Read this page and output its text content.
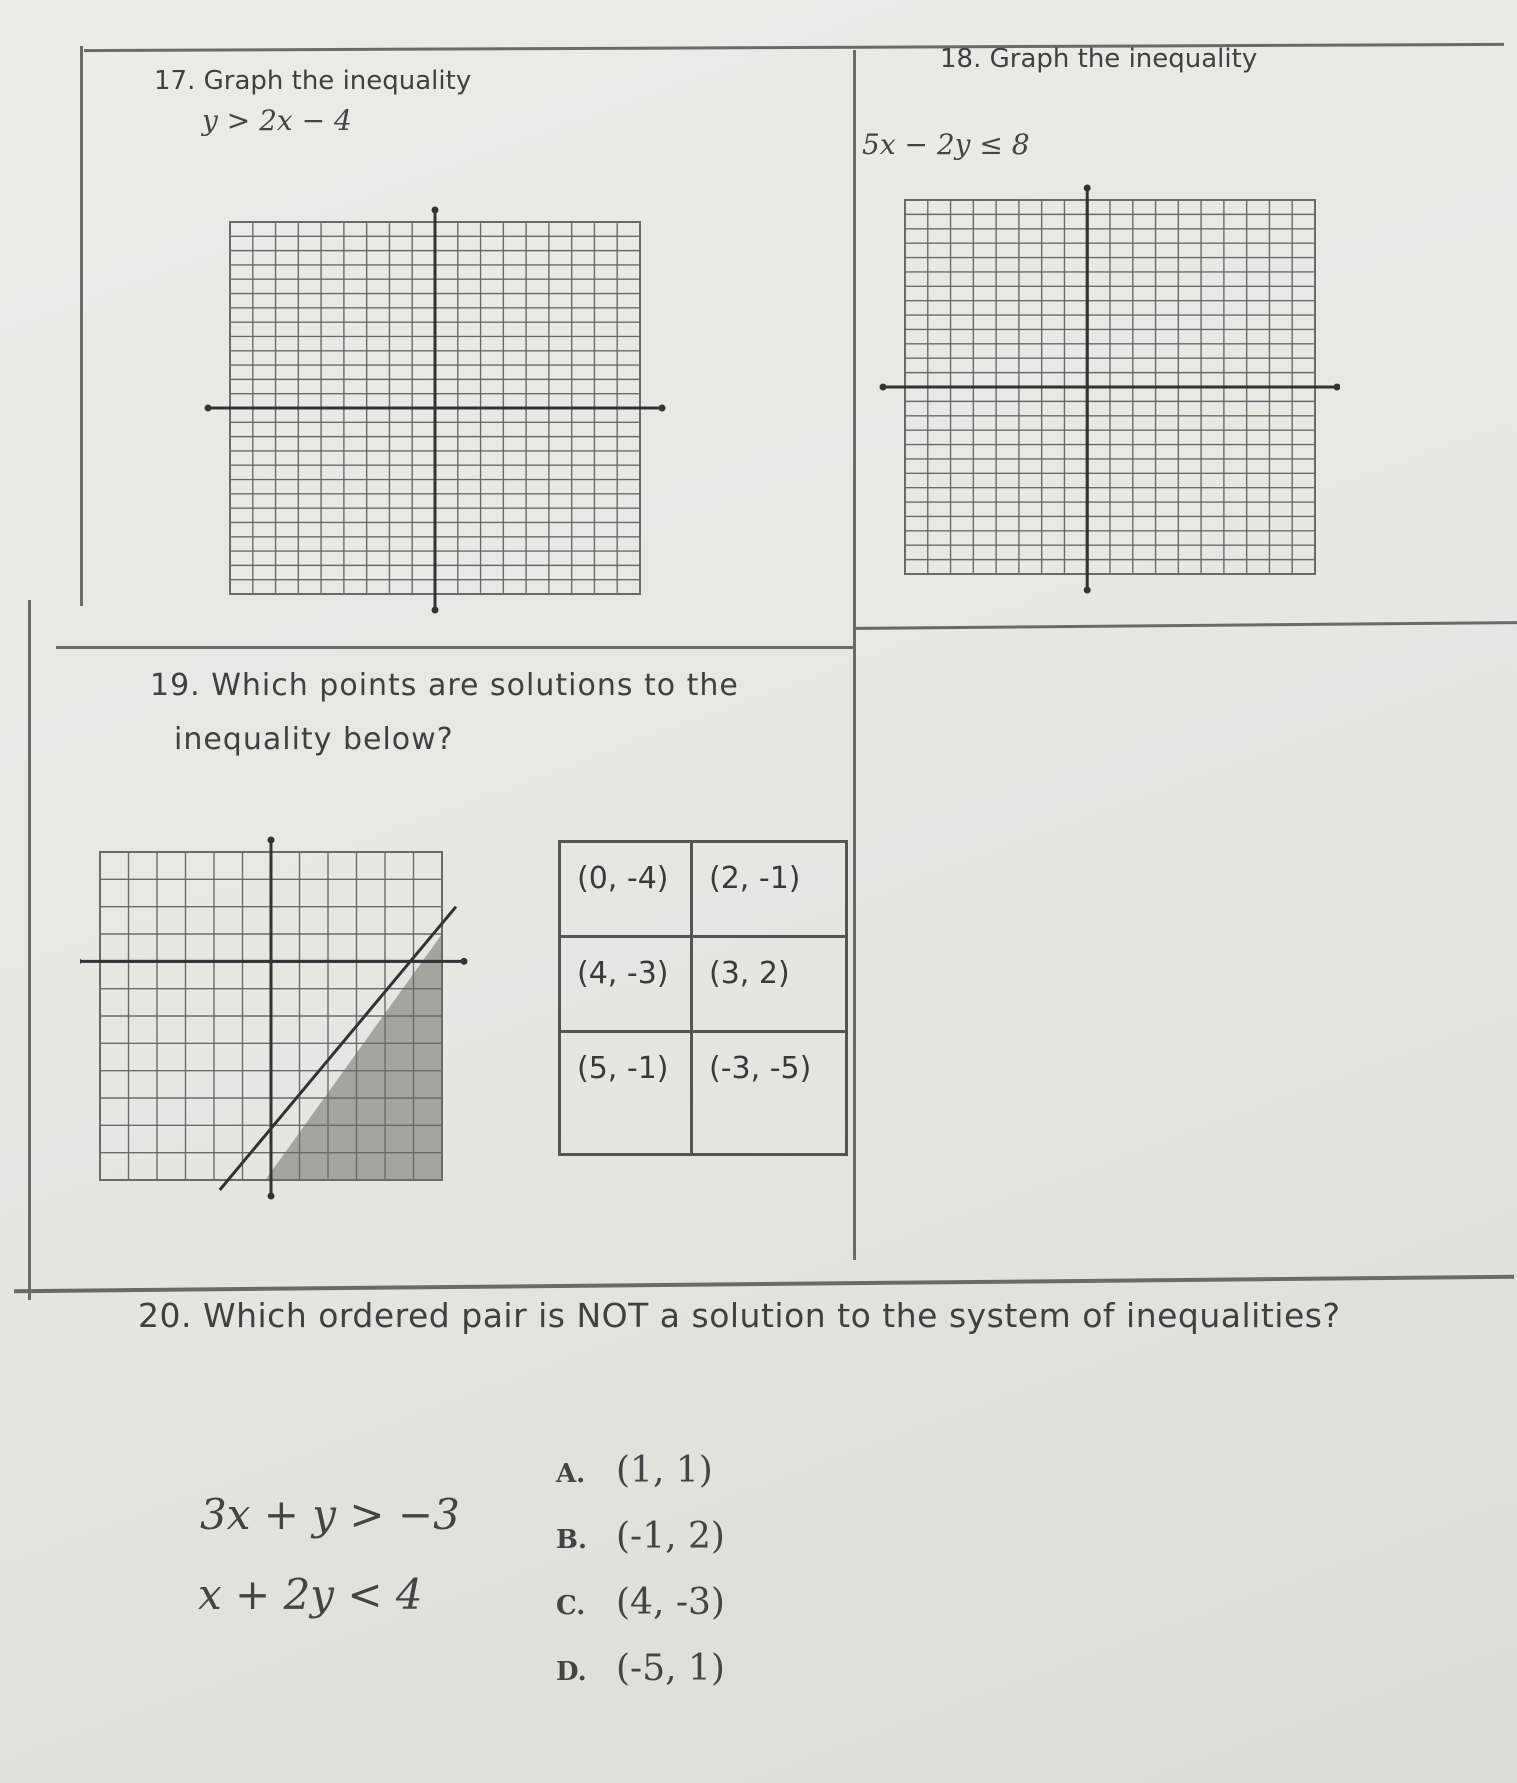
17. Graph the inequality
y > 2x − 4
18. Graph the inequality
5x − 2y ≤ 8
19. Which points are solutions to the
inequality below?
(0, -4)	(2, -1)
(4, -3)	(3, 2)
(5, -1)	(-3, -5)
20. Which ordered pair is NOT a solution to the system of inequalities?
3x + y > −3
x + 2y < 4
A. (1, 1)
B. (-1, 2)
C. (4, -3)
D. (-5, 1)
